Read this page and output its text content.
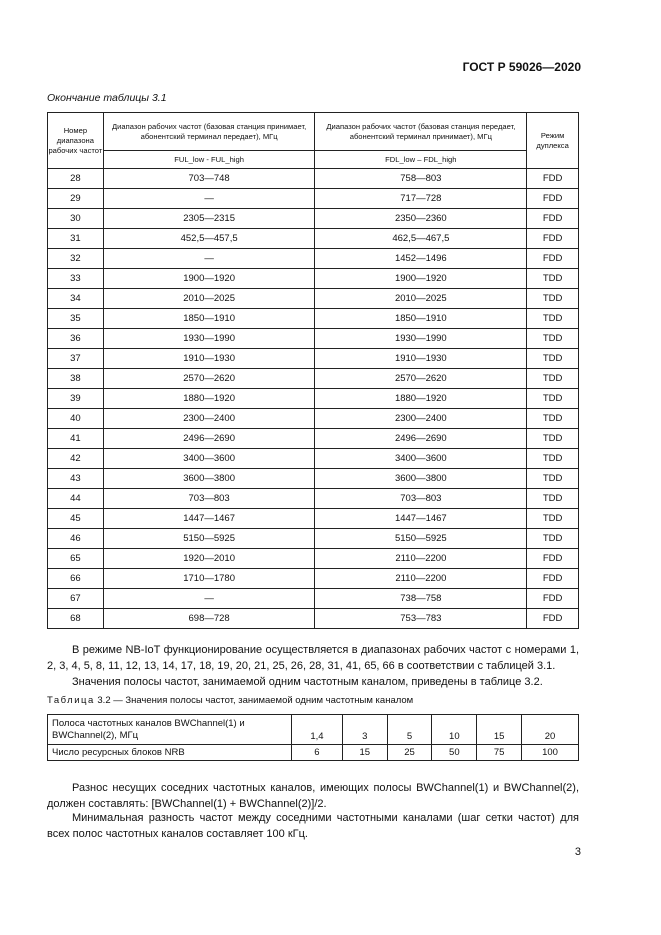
ГОСТ Р 59026—2020
Окончание таблицы 3.1
Номер диапазона рабочих частот	Диапазон рабочих частот (базовая станция принимает, абонентский терминал передает), МГц	Диапазон рабочих частот (базовая станция передает, абонентский терминал принимает), МГц	Режим дуплекса
	FUL_low - FUL_high	FDL_low – FDL_high	
28	703—748	758—803	FDD
29	—	717—728	FDD
30	2305—2315	2350—2360	FDD
31	452,5—457,5	462,5—467,5	FDD
32	—	1452—1496	FDD
33	1900—1920	1900—1920	TDD
34	2010—2025	2010—2025	TDD
35	1850—1910	1850—1910	TDD
36	1930—1990	1930—1990	TDD
37	1910—1930	1910—1930	TDD
38	2570—2620	2570—2620	TDD
39	1880—1920	1880—1920	TDD
40	2300—2400	2300—2400	TDD
41	2496—2690	2496—2690	TDD
42	3400—3600	3400—3600	TDD
43	3600—3800	3600—3800	TDD
44	703—803	703—803	TDD
45	1447—1467	1447—1467	TDD
46	5150—5925	5150—5925	TDD
65	1920—2010	2110—2200	FDD
66	1710—1780	2110—2200	FDD
67	—	738—758	FDD
68	698—728	753—783	FDD
В режиме NB-IoT функционирование осуществляется в диапазонах рабочих частот с номерами 1, 2, 3, 4, 5, 8, 11, 12, 13, 14, 17, 18, 19, 20, 21, 25, 26, 28, 31, 41, 65, 66 в соответствии с таблицей 3.1.
Значения полосы частот, занимаемой одним частотным каналом, приведены в таблице 3.2.
Таблица 3.2 — Значения полосы частот, занимаемой одним частотным каналом
Полоса частотных каналов BWChannel(1) и BWChannel(2), МГц	1,4	3	5	10	15	20
Число ресурсных блоков NRB	6	15	25	50	75	100
Разнос несущих соседних частотных каналов, имеющих полосы BWChannel(1) и BWChannel(2), должен составлять: [BWChannel(1) + BWChannel(2)]/2.
Минимальная разность частот между соседними частотными каналами (шаг сетки частот) для всех полос частотных каналов составляет 100 кГц.
3
